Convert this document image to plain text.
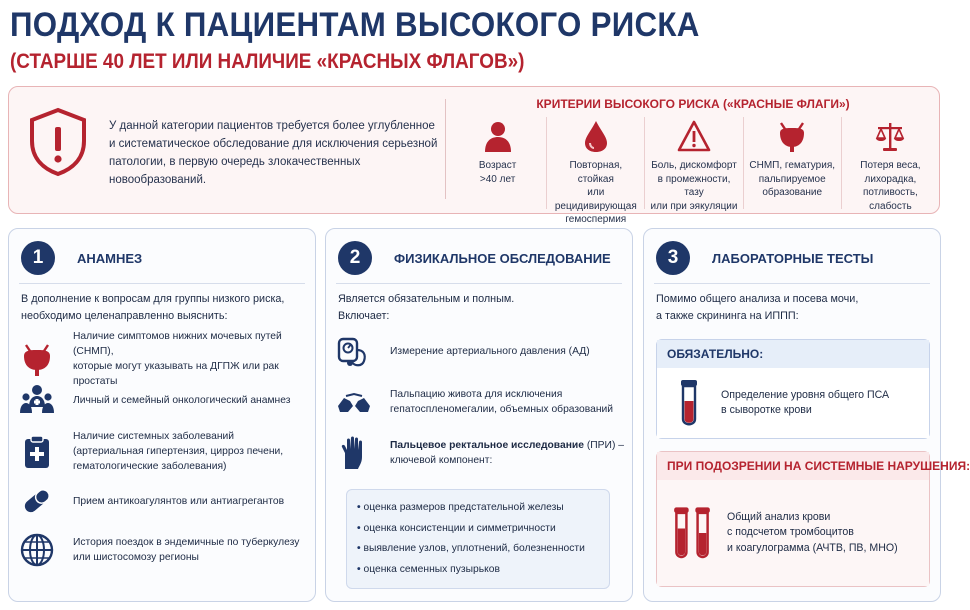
ПОДХОД К ПАЦИЕНТАМ ВЫСОКОГО РИСКА
(СТАРШЕ 40 ЛЕТ ИЛИ НАЛИЧИЕ «КРАСНЫХ ФЛАГОВ»)
У данной категории пациентов требуется более углубленное
и систематическое обследование для исключения серьезной
патологии, в первую очередь злокачественных новообразований.
КРИТЕРИИ ВЫСОКОГО РИСКА («КРАСНЫЕ ФЛАГИ»)
Возраст
>40 лет
Повторная, стойкая
или рецидивирующая
гемоспермия
Боль, дискомфорт
в промежности, тазу
или при эякуляции
СНМП, гематурия,
пальпируемое
образование
Потеря веса, лихорадка,
потливость, слабость
1	АНАМНЕЗ
В дополнение к вопросам для группы низкого риска,
необходимо целенаправленно выяснить:
Наличие симптомов нижних мочевых путей (СНМП),
которые могут указывать на ДГПЖ или рак простаты
Личный и семейный онкологический анамнез
Наличие системных заболеваний
(артериальная гипертензия, цирроз печени,
гематологические заболевания)
Прием антикоагулянтов или антиагрегантов
История поездок в эндемичные по туберкулезу
или шистосомозу регионы
2	ФИЗИКАЛЬНОЕ ОБСЛЕДОВАНИЕ
Является обязательным и полным.
Включает:
Измерение артериального давления (АД)
Пальпацию живота для исключения
гепатоспленомегалии, объемных образований
Пальцевое ректальное исследование (ПРИ) –
ключевой компонент:
• оценка размеров предстательной железы
• оценка консистенции и симметричности
• выявление узлов, уплотнений, болезненности
• оценка семенных пузырьков
3	ЛАБОРАТОРНЫЕ ТЕСТЫ
Помимо общего анализа и посева мочи,
а также скрининга на ИППП:
ОБЯЗАТЕЛЬНО:
Определение уровня общего ПСА
в сыворотке крови
ПРИ ПОДОЗРЕНИИ НА СИСТЕМНЫЕ НАРУШЕНИЯ:
Общий анализ крови
с подсчетом тромбоцитов
и коагулограмма (АЧТВ, ПВ, МНО)
